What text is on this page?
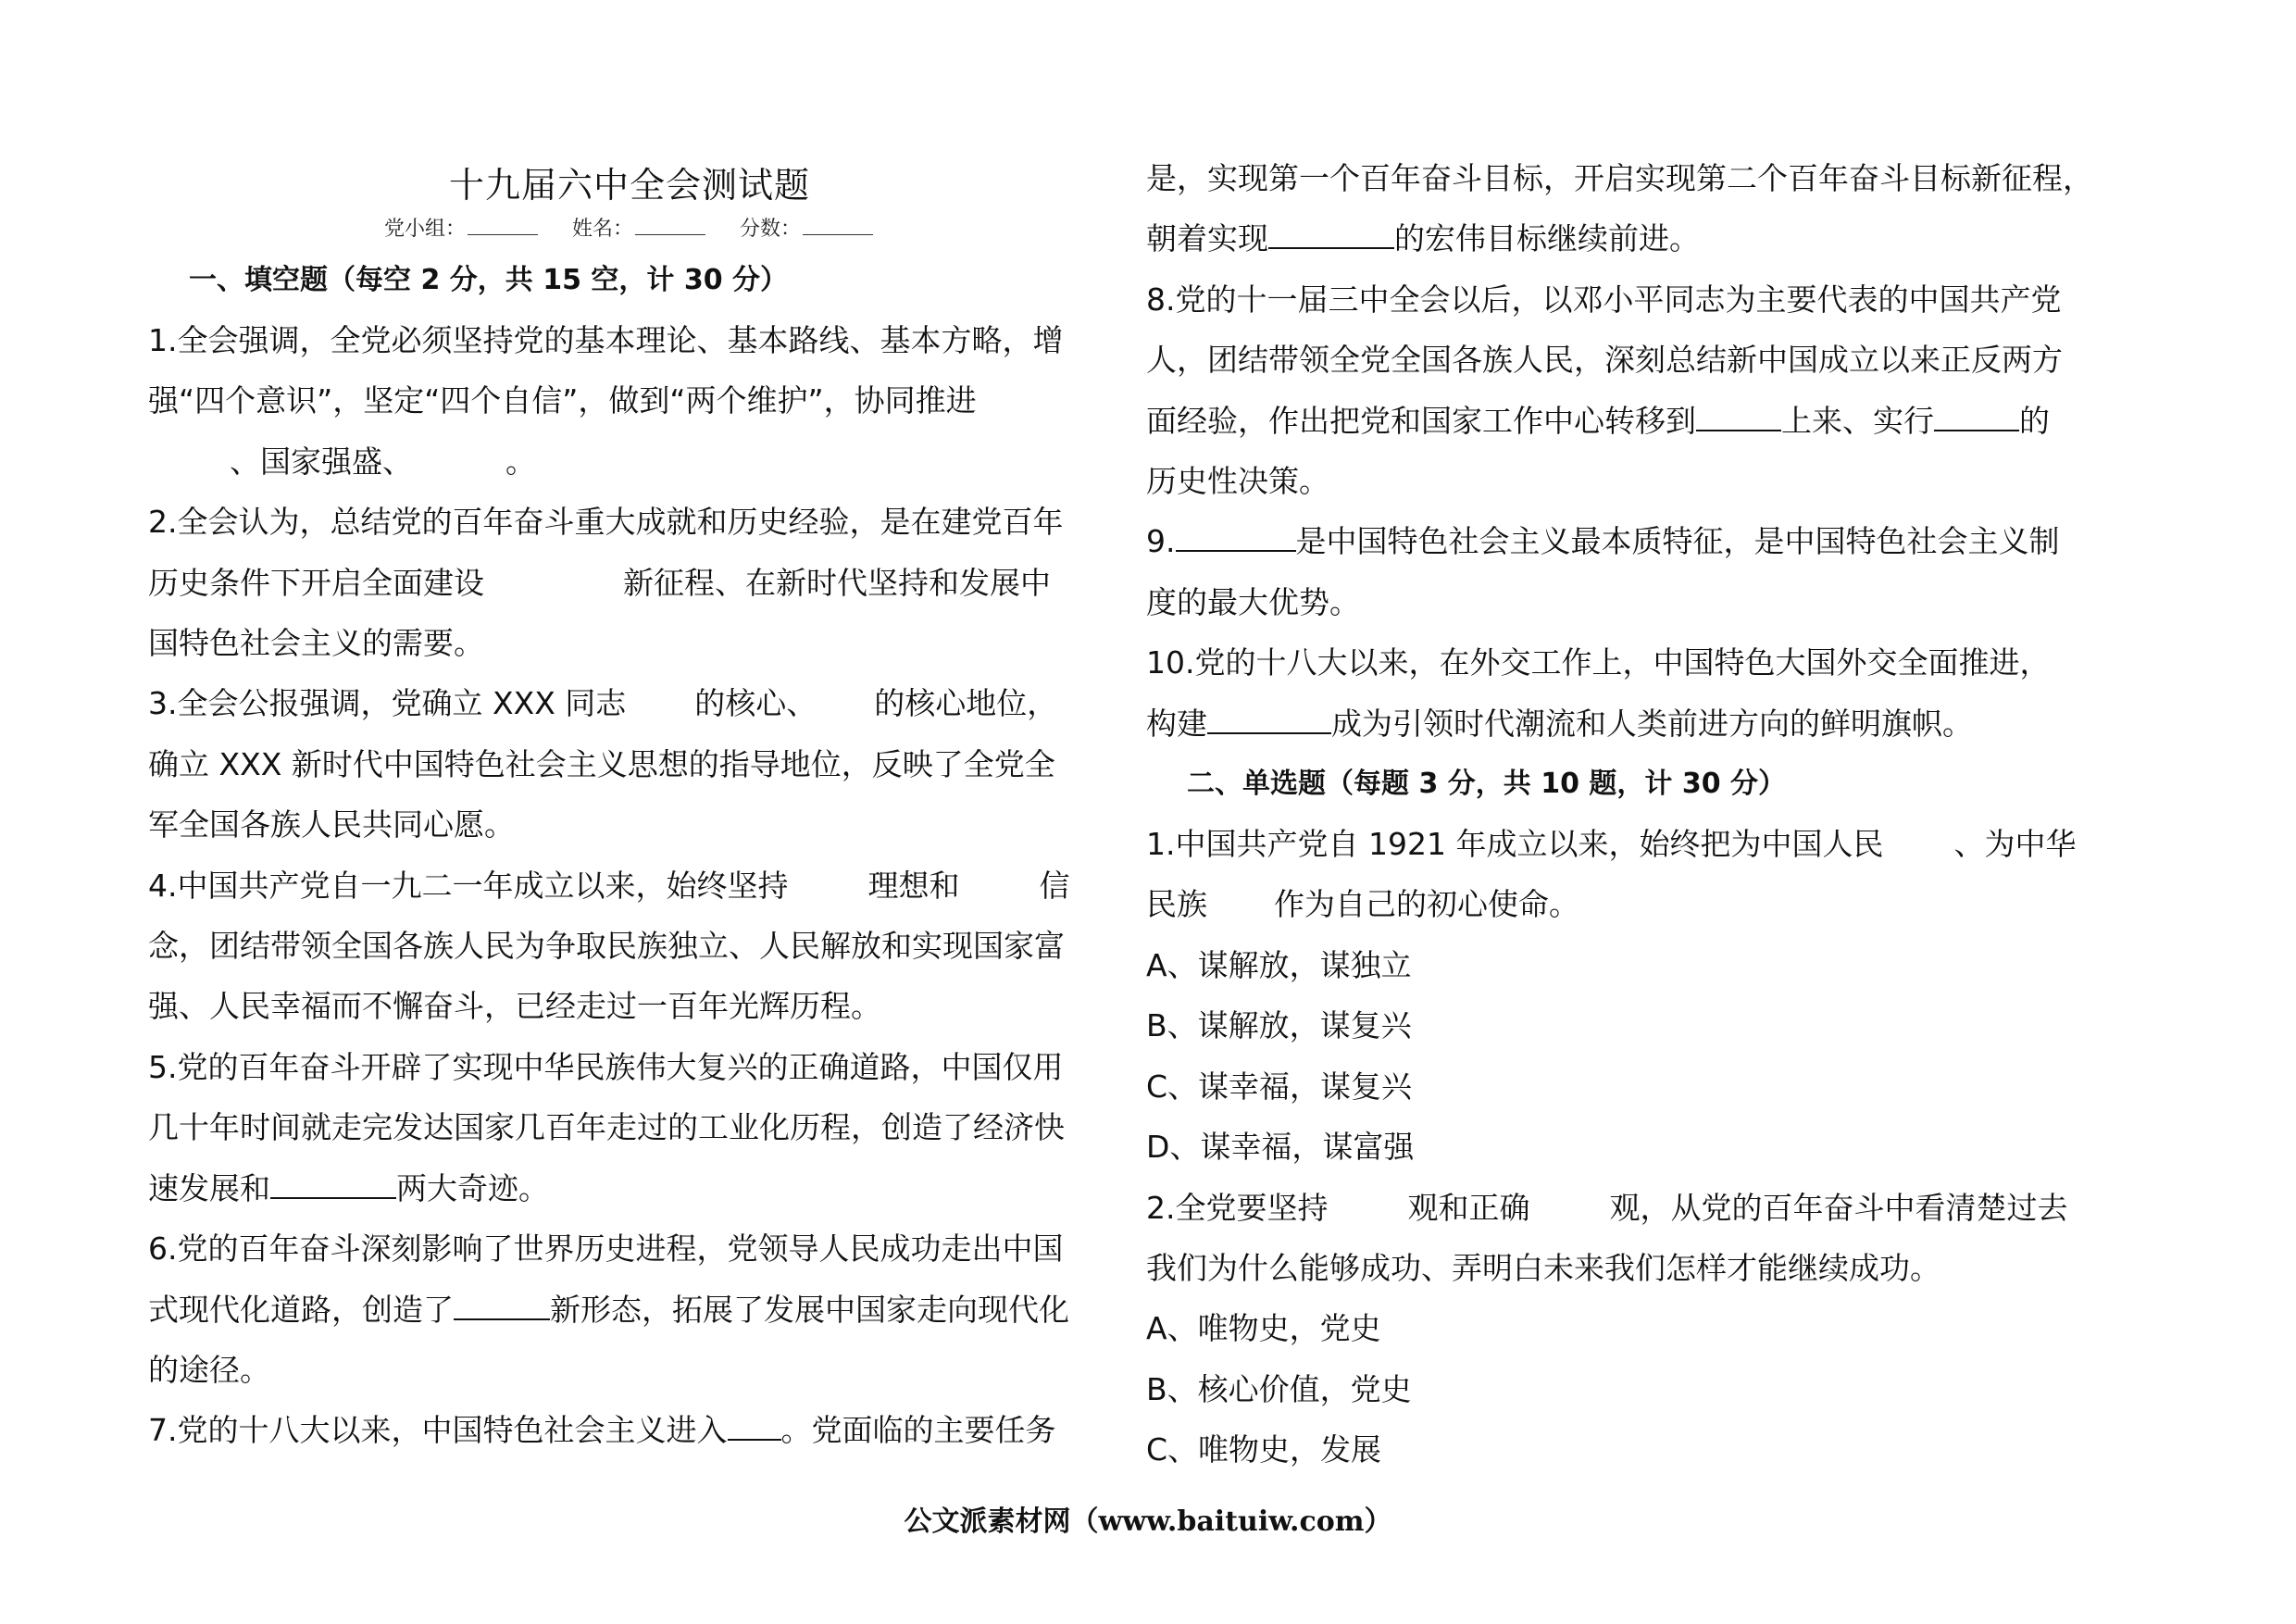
十九届六中全会测试题
党小组：	姓名：	分数：
一、填空题（每空 2 分，共 15 空，计 30 分）
1.全会强调，全党必须坚持党的基本理论、基本路线、基本方略，增
强“四个意识”，坚定“四个自信”，做到“两个维护”，协同推进
、国家强盛、	。
2.全会认为，总结党的百年奋斗重大成就和历史经验，是在建党百年
历史条件下开启全面建设	新征程、在新时代坚持和发展中
国特色社会主义的需要。
3.全会公报强调，党确立 XXX 同志 的核心、 的核心地位，
确立 XXX 新时代中国特色社会主义思想的指导地位，反映了全党全
军全国各族人民共同心愿。
4.中国共产党自一九二一年成立以来，始终坚持	理想和	信
念，团结带领全国各族人民为争取民族独立、人民解放和实现国家富
强、人民幸福而不懈奋斗，已经走过一百年光辉历程。
5.党的百年奋斗开辟了实现中华民族伟大复兴的正确道路，中国仅用
几十年时间就走完发达国家几百年走过的工业化历程，创造了经济快
速发展和	两大奇迹。
6.党的百年奋斗深刻影响了世界历史进程，党领导人民成功走出中国
式现代化道路，创造了	新形态，拓展了发展中国家走向现代化
的途径。
7.党的十八大以来，中国特色社会主义进入 。党面临的主要任务
是，实现第一个百年奋斗目标，开启实现第二个百年奋斗目标新征程，
朝着实现	的宏伟目标继续前进。
8.党的十一届三中全会以后，以邓小平同志为主要代表的中国共产党
人，团结带领全党全国各族人民，深刻总结新中国成立以来正反两方
面经验，作出把党和国家工作中心转移到	上来、实行	的
历史性决策。
9.	是中国特色社会主义最本质特征，是中国特色社会主义制
度的最大优势。
10.党的十八大以来，在外交工作上，中国特色大国外交全面推进，
构建	成为引领时代潮流和人类前进方向的鲜明旗帜。
二、单选题（每题 3 分，共 10 题，计 30 分）
1.中国共产党自 1921 年成立以来，始终把为中国人民 、为中华
民族 作为自己的初心使命。
A、谋解放，谋独立
B、谋解放，谋复兴
C、谋幸福，谋复兴
D、谋幸福，谋富强
2.全党要坚持	观和正确	观，从党的百年奋斗中看清楚过去
我们为什么能够成功、弄明白未来我们怎样才能继续成功。
A、唯物史，党史
B、核心价值，党史
C、唯物史，发展
公文派素材网（www.baituiw.com）
